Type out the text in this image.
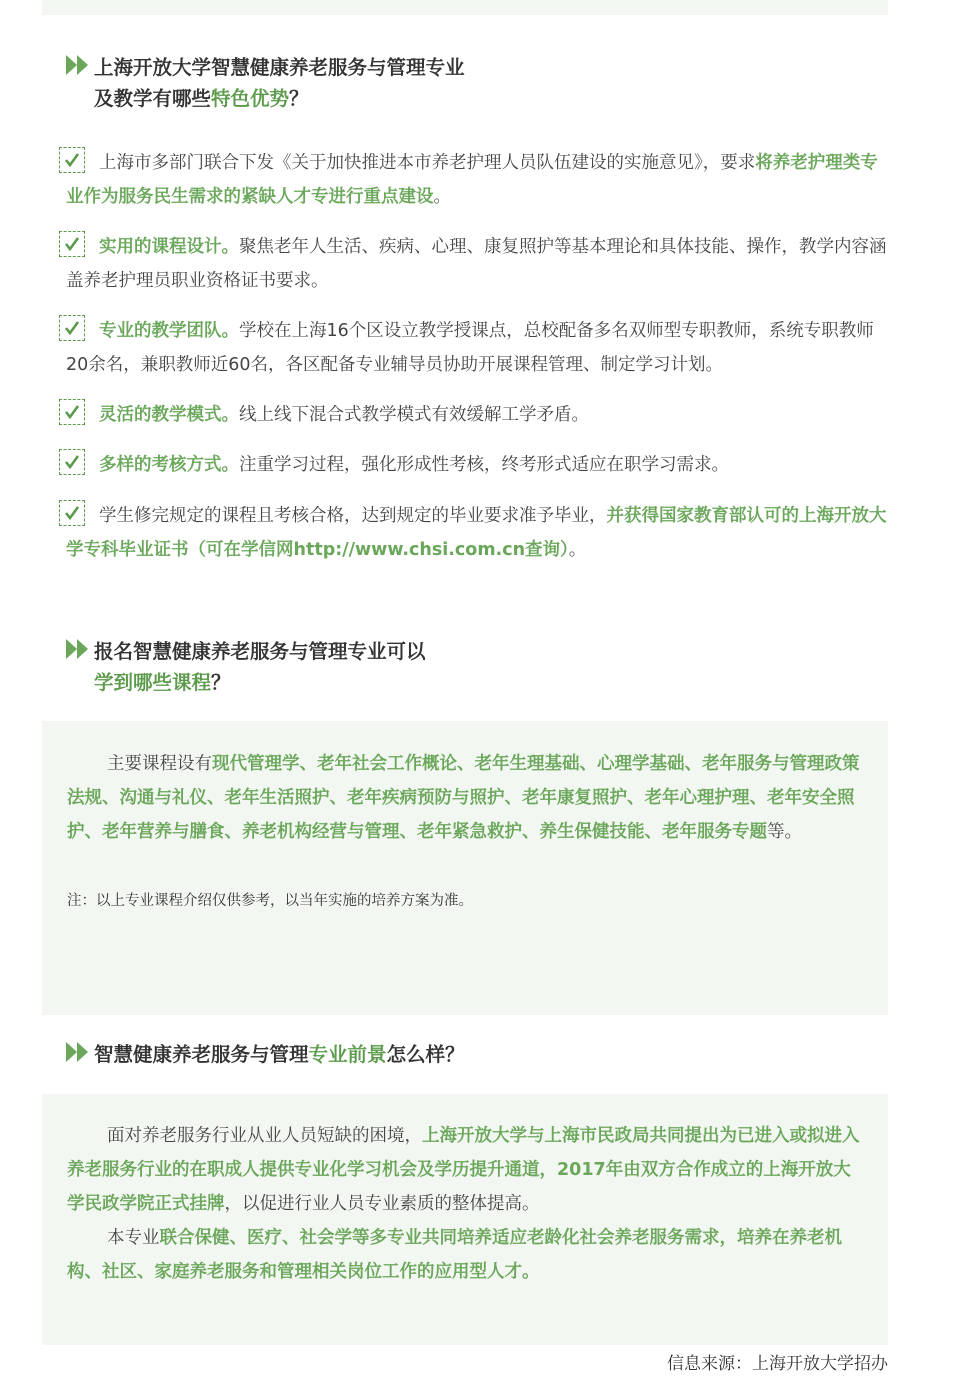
上海开放大学智慧健康养老服务与管理专业
及教学有哪些特色优势？
上海市多部门联合下发《关于加快推进本市养老护理人员队伍建设的实施意见》，要求将养老护理类专业作为服务民生需求的紧缺人才专进行重点建设。
实用的课程设计。聚焦老年人生活、疾病、心理、康复照护等基本理论和具体技能、操作，教学内容涵盖养老护理员职业资格证书要求。
专业的教学团队。学校在上海16个区设立教学授课点，总校配备多名双师型专职教师，系统专职教师20余名，兼职教师近60名，各区配备专业辅导员协助开展课程管理、制定学习计划。
灵活的教学模式。线上线下混合式教学模式有效缓解工学矛盾。
多样的考核方式。注重学习过程，强化形成性考核，终考形式适应在职学习需求。
学生修完规定的课程且考核合格，达到规定的毕业要求准予毕业，并获得国家教育部认可的上海开放大学专科毕业证书（可在学信网http://www.chsi.com.cn查询）。
报名智慧健康养老服务与管理专业可以
学到哪些课程？

主要课程设有现代管理学、老年社会工作概论、老年生理基础、心理学基础、老年服务与管理政策法规、沟通与礼仪、老年生活照护、老年疾病预防与照护、老年康复照护、老年心理护理、老年安全照护、老年营养与膳食、养老机构经营与管理、老年紧急救护、养生保健技能、老年服务专题等。

注：以上专业课程介绍仅供参考，以当年实施的培养方案为准。

智慧健康养老服务与管理专业前景怎么样？

面对养老服务行业从业人员短缺的困境，上海开放大学与上海市民政局共同提出为已进入或拟进入养老服务行业的在职成人提供专业化学习机会及学历提升通道，2017年由双方合作成立的上海开放大学民政学院正式挂牌，以促进行业人员专业素质的整体提高。

本专业联合保健、医疗、社会学等多专业共同培养适应老龄化社会养老服务需求，培养在养老机构、社区、家庭养老服务和管理相关岗位工作的应用型人才。

信息来源：上海开放大学招办
